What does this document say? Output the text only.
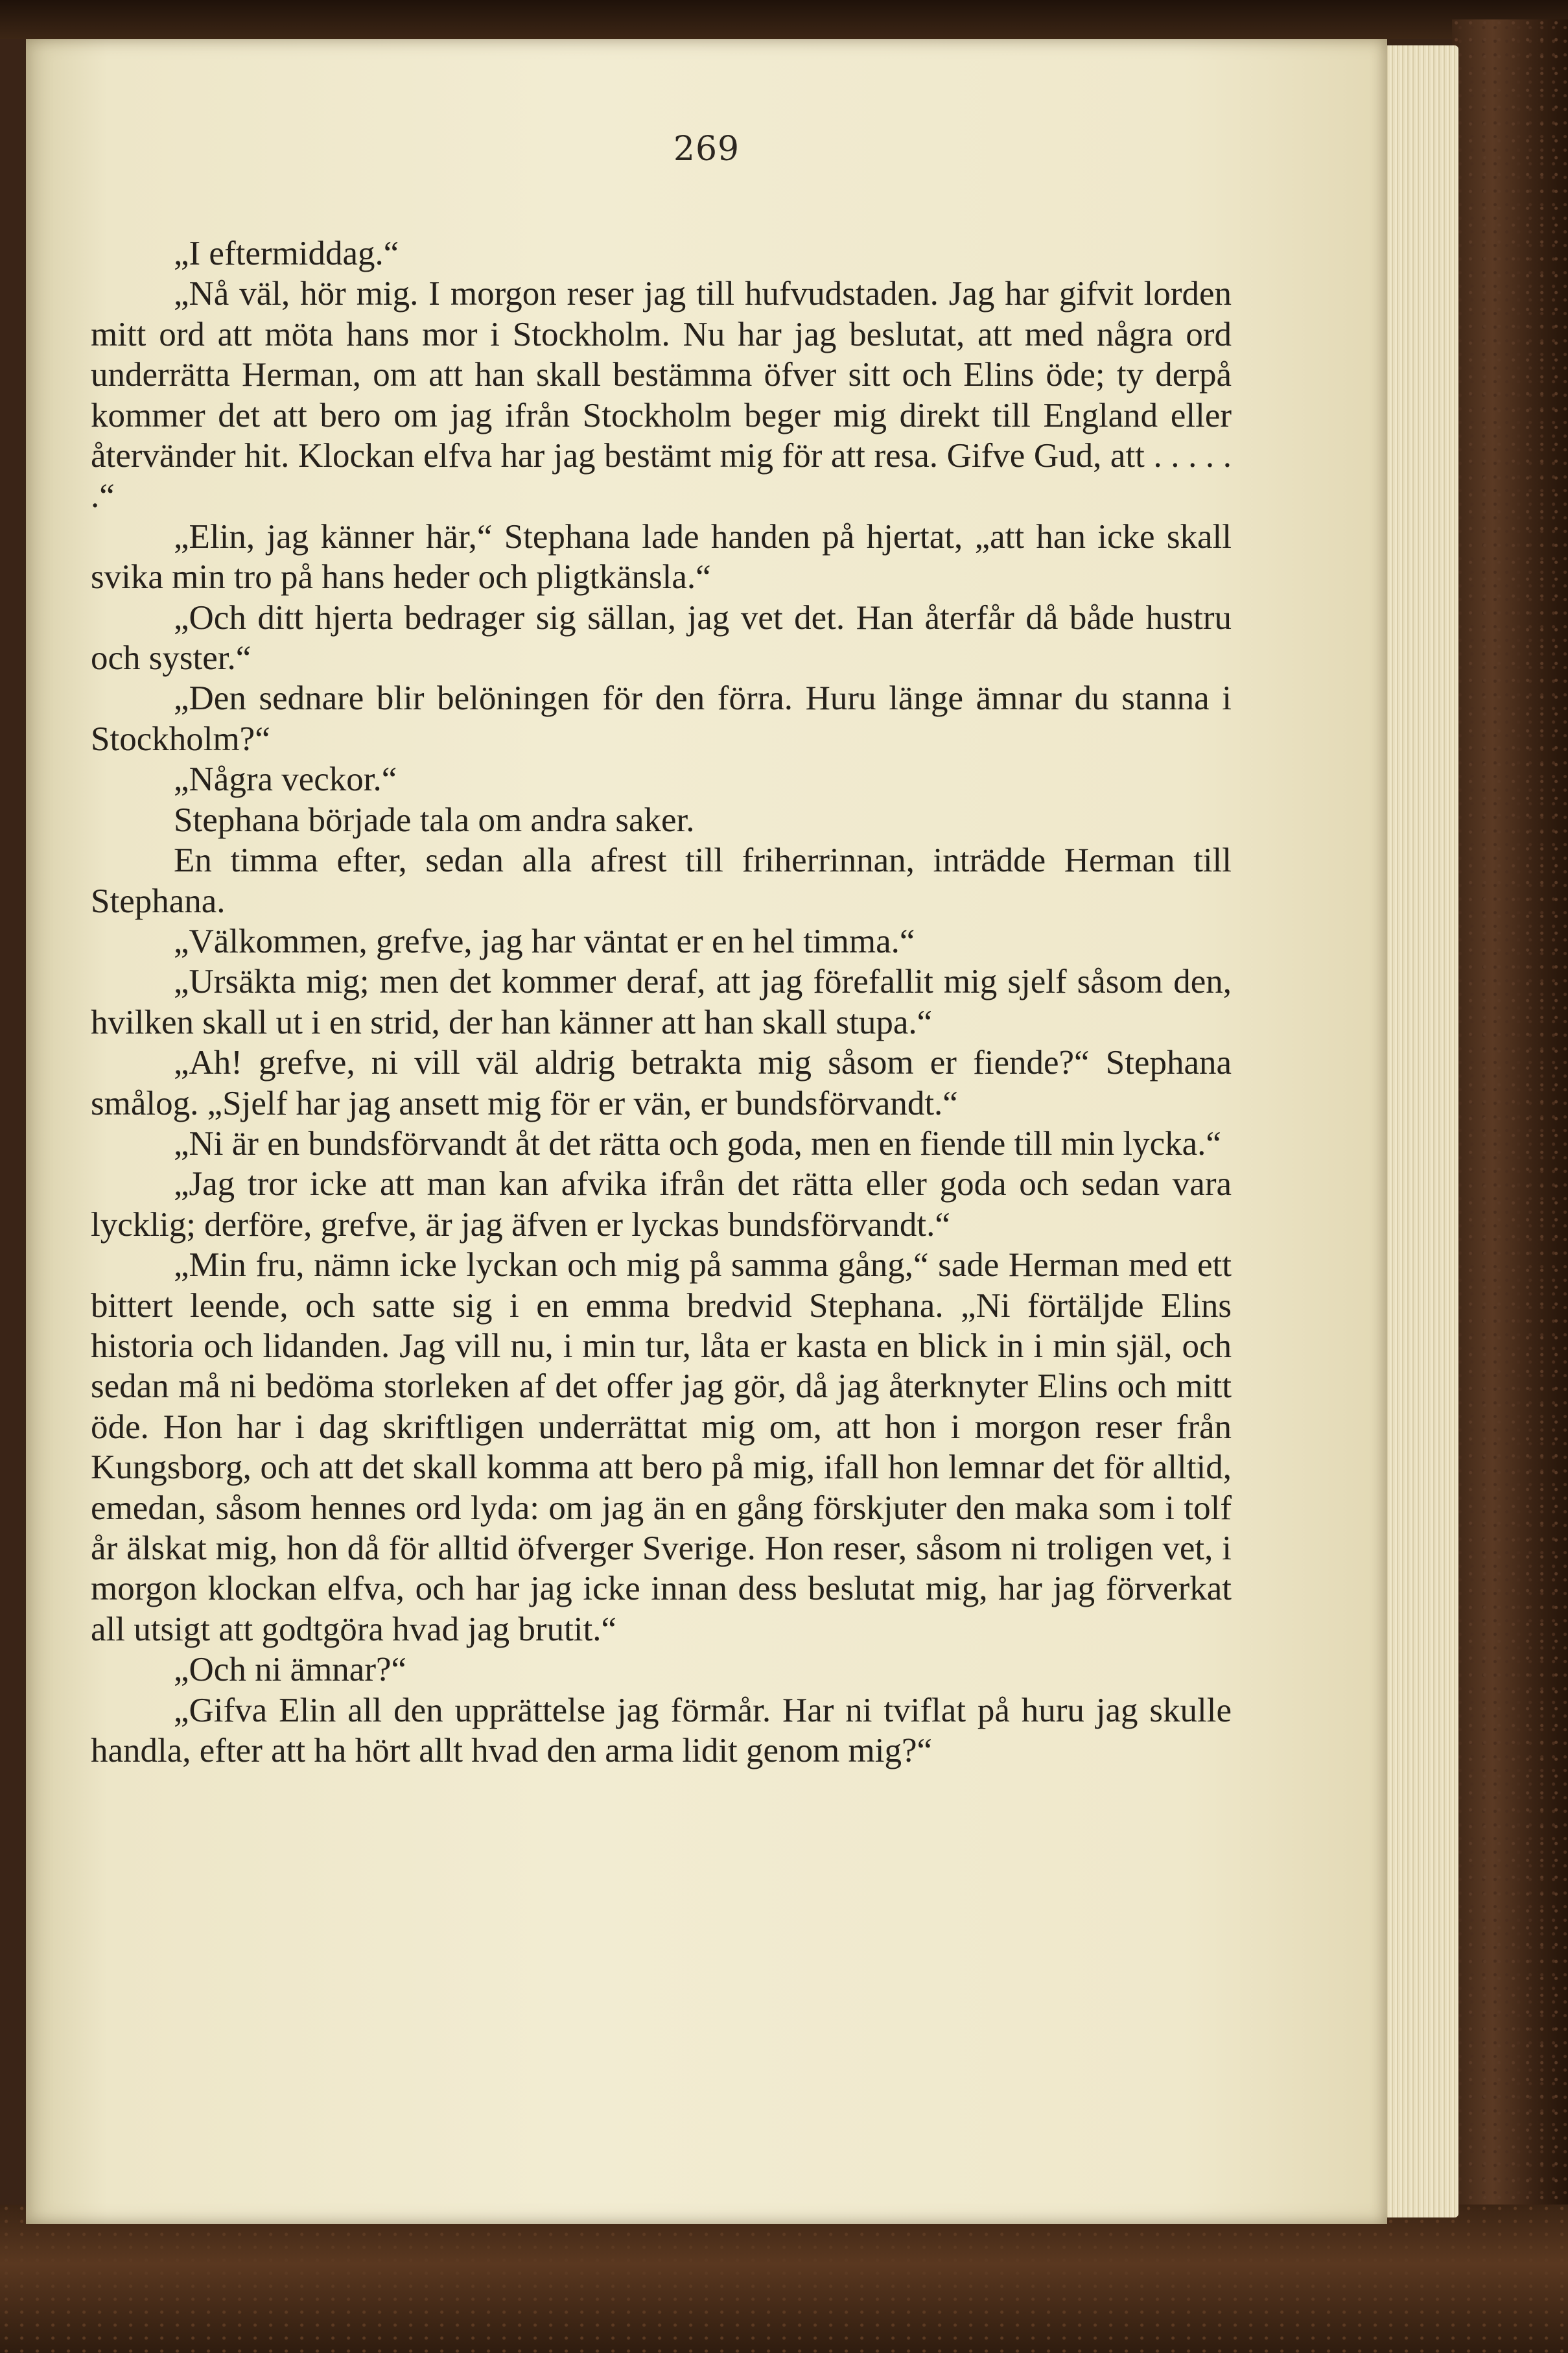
269

„I eftermiddag.“

„Nå väl, hör mig. I morgon reser jag till hufvudstaden. Jag har gifvit lorden mitt ord att möta hans mor i Stockholm. Nu har jag beslutat, att med några ord underrätta Herman, om att han skall bestämma öfver sitt och Elins öde; ty derpå kommer det att bero om jag ifrån Stockholm beger mig direkt till England eller återvänder hit. Klockan elfva har jag bestämt mig för att resa. Gifve Gud, att . . . . . .“

„Elin, jag känner här,“ Stephana lade handen på hjertat, „att han icke skall svika min tro på hans heder och pligtkänsla.“

„Och ditt hjerta bedrager sig sällan, jag vet det. Han återfår då både hustru och syster.“

„Den sednare blir belöningen för den förra. Huru länge ämnar du stanna i Stockholm?“

„Några veckor.“

Stephana började tala om andra saker.

En timma efter, sedan alla afrest till friherrinnan, inträdde Herman till Stephana.

„Välkommen, grefve, jag har väntat er en hel timma.“

„Ursäkta mig; men det kommer deraf, att jag förefallit mig sjelf såsom den, hvilken skall ut i en strid, der han känner att han skall stupa.“

„Ah! grefve, ni vill väl aldrig betrakta mig såsom er fiende?“ Stephana smålog. „Sjelf har jag ansett mig för er vän, er bundsförvandt.“

„Ni är en bundsförvandt åt det rätta och goda, men en fiende till min lycka.“

„Jag tror icke att man kan afvika ifrån det rätta eller goda och sedan vara lycklig; derföre, grefve, är jag äfven er lyckas bundsförvandt.“

„Min fru, nämn icke lyckan och mig på samma gång,“ sade Herman med ett bittert leende, och satte sig i en emma bredvid Stephana. „Ni förtäljde Elins historia och lidanden. Jag vill nu, i min tur, låta er kasta en blick in i min själ, och sedan må ni bedöma storleken af det offer jag gör, då jag återknyter Elins och mitt öde. Hon har i dag skriftligen underrättat mig om, att hon i morgon reser från Kungsborg, och att det skall komma att bero på mig, ifall hon lemnar det för alltid, emedan, såsom hennes ord lyda: om jag än en gång förskjuter den maka som i tolf år älskat mig, hon då för alltid öfverger Sverige. Hon reser, såsom ni troligen vet, i morgon klockan elfva, och har jag icke innan dess beslutat mig, har jag förverkat all utsigt att godtgöra hvad jag brutit.“

„Och ni ämnar?“

„Gifva Elin all den upprättelse jag förmår. Har ni tviflat på huru jag skulle handla, efter att ha hört allt hvad den arma lidit genom mig?“
